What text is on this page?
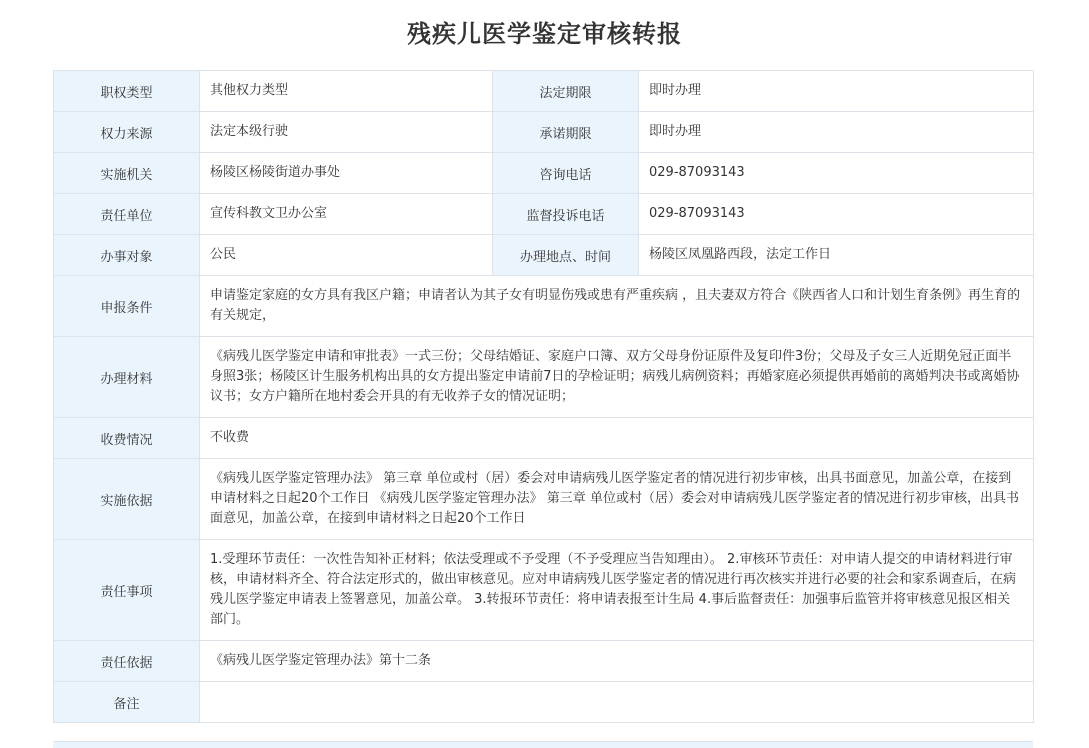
残疾儿医学鉴定审核转报
职权类型	其他权力类型	法定期限	即时办理
权力来源	法定本级行驶	承诺期限	即时办理
实施机关	杨陵区杨陵街道办事处	咨询电话	029-87093143
责任单位	宣传科教文卫办公室	监督投诉电话	029-87093143
办事对象	公民	办理地点、时间	杨陵区凤凰路西段，法定工作日
申报条件	申请鉴定家庭的女方具有我区户籍；申请者认为其子女有明显伤残或患有严重疾病 ，且夫妻双方符合《陕西省人口和计划生育条例》再生育的有关规定，		
办理材料	《病残儿医学鉴定申请和审批表》一式三份；父母结婚证、家庭户口簿、双方父母身份证原件及复印件3份；父母及子女三人近期免冠正面半身照3张；杨陵区计生服务机构出具的女方提出鉴定申请前7日的孕检证明；病残儿病例资料；再婚家庭必须提供再婚前的离婚判决书或离婚协议书；女方户籍所在地村委会开具的有无收养子女的情况证明；		
收费情况	不收费		
实施依据	《病残儿医学鉴定管理办法》 第三章 单位或村（居）委会对申请病残儿医学鉴定者的情况进行初步审核，出具书面意见，加盖公章，在接到申请材料之日起20个工作日 《病残儿医学鉴定管理办法》 第三章 单位或村（居）委会对申请病残儿医学鉴定者的情况进行初步审核，出具书面意见，加盖公章，在接到申请材料之日起20个工作日		
责任事项	1.受理环节责任：一次性告知补正材料；依法受理或不予受理（不予受理应当告知理由）。 2.审核环节责任：对申请人提交的申请材料进行审核，申请材料齐全、符合法定形式的，做出审核意见。应对申请病残儿医学鉴定者的情况进行再次核实并进行必要的社会和家系调查后，在病残儿医学鉴定申请表上签署意见，加盖公章。 3.转报环节责任：将申请表报至计生局 4.事后监督责任：加强事后监管并将审核意见报区相关部门。		
责任依据	《病残儿医学鉴定管理办法》第十二条		
备注			
